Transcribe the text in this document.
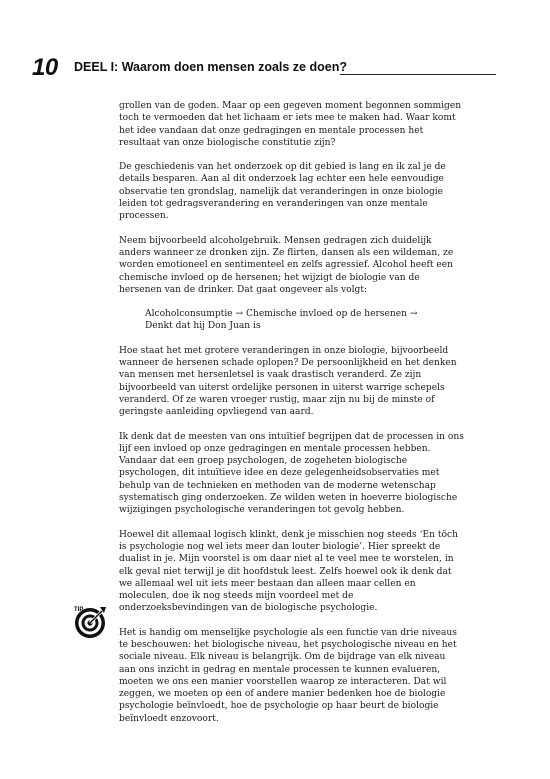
10 DEEL I: Waarom doen mensen zoals ze doen?

grollen van de goden. Maar op een gegeven moment begonnen sommigen toch te vermoeden dat het lichaam er iets mee te maken had. Waar komt het idee vandaan dat onze gedragingen en mentale processen het resultaat van onze biologische constitutie zijn?

De geschiedenis van het onderzoek op dit gebied is lang en ik zal je de details besparen. Aan al dit onderzoek lag echter een hele eenvoudige observatie ten grondslag, namelijk dat veranderingen in onze biologie leiden tot gedragsverandering en veranderingen van onze mentale processen.

Neem bijvoorbeeld alcoholgebruik. Mensen gedragen zich duidelijk anders wanneer ze dronken zijn. Ze flirten, dansen als een wildeman, ze worden emotioneel en sentimenteel en zelfs agressief. Alcohol heeft een chemische invloed op de hersenen; het wijzigt de biologie van de hersenen van de drinker. Dat gaat ongeveer als volgt:

Alcoholconsumptie → Chemische invloed op de hersenen →
Denkt dat hij Don Juan is

Hoe staat het met grotere veranderingen in onze biologie, bijvoorbeeld wanneer de hersenen schade oplopen? De persoonlijkheid en het denken van mensen met hersenletsel is vaak drastisch veranderd. Ze zijn bijvoorbeeld van uiterst ordelijke personen in uiterst warrige schepels veranderd. Of ze waren vroeger rustig, maar zijn nu bij de minste of geringste aanleiding opvliegend van aard.

Ik denk dat de meesten van ons intuïtief begrijpen dat de processen in ons lijf een invloed op onze gedragingen en mentale processen hebben. Vandaar dat een groep psychologen, de zogeheten biologische psychologen, dit intuïtieve idee en deze gelegenheidsobservaties met behulp van de technieken en methoden van de moderne wetenschap systematisch ging onderzoeken. Ze wilden weten in hoeverre biologische wijzigingen psychologische veranderingen tot gevolg hebben.

Hoewel dit allemaal logisch klinkt, denk je misschien nog steeds ‘En töch is psychologie nog wel iets meer dan louter biologie’. Hier spreekt de dualist in je. Mijn voorstel is om daar niet al te veel mee te worstelen, in elk geval niet terwijl je dit hoofdstuk leest. Zelfs hoewel ook ik denk dat we allemaal wel uit iets meer bestaan dan alleen maar cellen en moleculen, doe ik nog steeds mijn voordeel met de onderzoeksbevindingen van de biologische psychologie.

Het is handig om menselijke psychologie als een functie van drie niveaus te beschouwen: het biologische niveau, het psychologische niveau en het sociale niveau. Elk niveau is belangrijk. Om de bijdrage van elk niveau aan ons inzicht in gedrag en mentale processen te kunnen evalueren, moeten we ons een manier voorstellen waarop ze interacteren. Dat wil zeggen, we moeten op een of andere manier bedenken hoe de biologie psychologie beïnvloedt, hoe de psychologie op haar beurt de biologie beïnvloedt enzovoort.

TIP
